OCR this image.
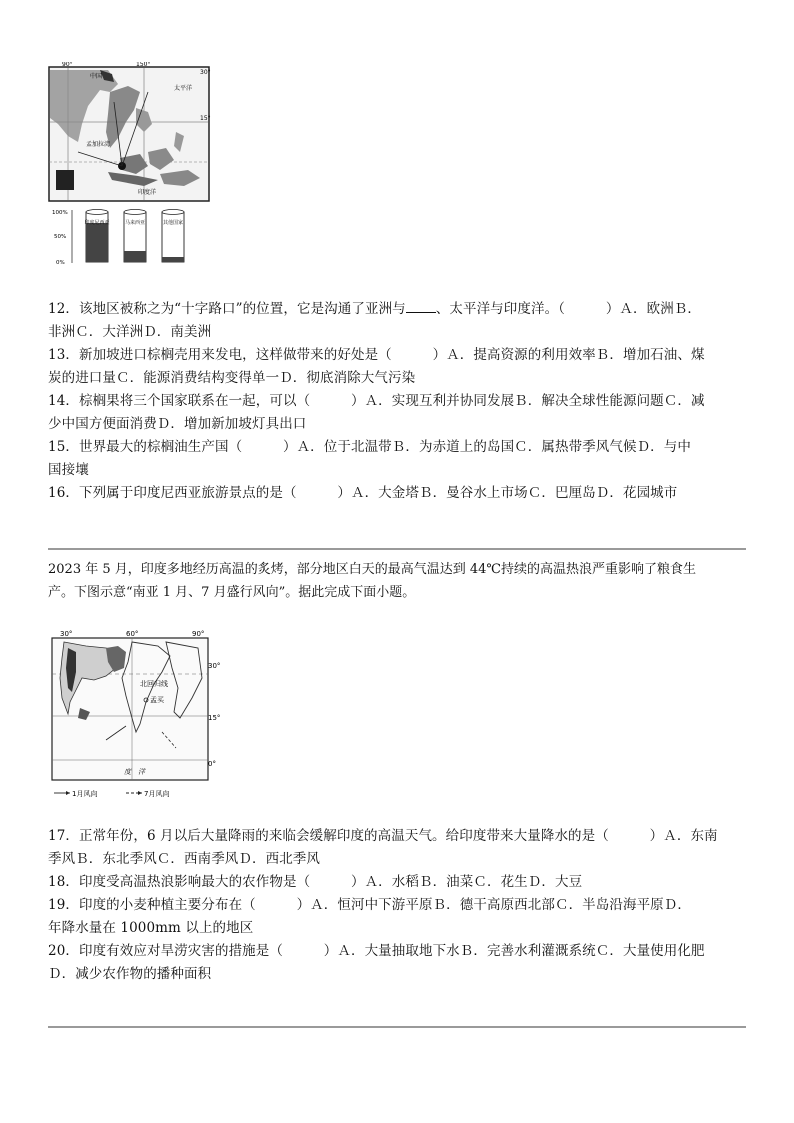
90°	150°
30°
15°
中国
太平洋
孟加拉湾
印度洋
100%
50%
0%
印度尼西亚	马来西亚	其他国家

12．该地区被称之为“十字路口”的位置，它是沟通了亚洲与 、太平洋与印度洋。（　　　）Ａ．欧洲Ｂ．

非洲Ｃ．大洋洲Ｄ．南美洲

13．新加坡进口棕榈壳用来发电，这样做带来的好处是（　　　）Ａ．提高资源的利用效率Ｂ．增加石油、煤

炭的进口量Ｃ．能源消费结构变得单一Ｄ．彻底消除大气污染

14．棕榈果将三个国家联系在一起，可以（　　　）Ａ．实现互利并协同发展Ｂ．解决全球性能源问题Ｃ．减

少中国方便面消费Ｄ．增加新加坡灯具出口

15．世界最大的棕榈油生产国（　　　）Ａ．位于北温带Ｂ．为赤道上的岛国Ｃ．属热带季风气候Ｄ．与中

国接壤

16．下列属于印度尼西亚旅游景点的是（　　　）Ａ．大金塔Ｂ．曼谷水上市场Ｃ．巴厘岛Ｄ．花园城市

2023 年 5 月，印度多地经历高温的炙烤，部分地区白天的最高气温达到 44℃持续的高温热浪严重影响了粮食生

产。下图示意“南亚 1 月、7 月盛行风向”。据此完成下面小题。

30°	60°	90°
30°
15°
0°
北回归线
孟买
度　洋
1月风向	7月风向

17．正常年份，6 月以后大量降雨的来临会缓解印度的高温天气。给印度带来大量降水的是（　　　）Ａ．东南

季风Ｂ．东北季风Ｃ．西南季风Ｄ．西北季风

18．印度受高温热浪影响最大的农作物是（　　　）Ａ．水稻Ｂ．油菜Ｃ．花生Ｄ．大豆

19．印度的小麦种植主要分布在（　　　）Ａ．恒河中下游平原Ｂ．德干高原西北部Ｃ．半岛沿海平原Ｄ．

年降水量在 1000mm 以上的地区

20．印度有效应对旱涝灾害的措施是（　　　）Ａ．大量抽取地下水Ｂ．完善水利灌溉系统Ｃ．大量使用化肥

Ｄ．减少农作物的播种面积
